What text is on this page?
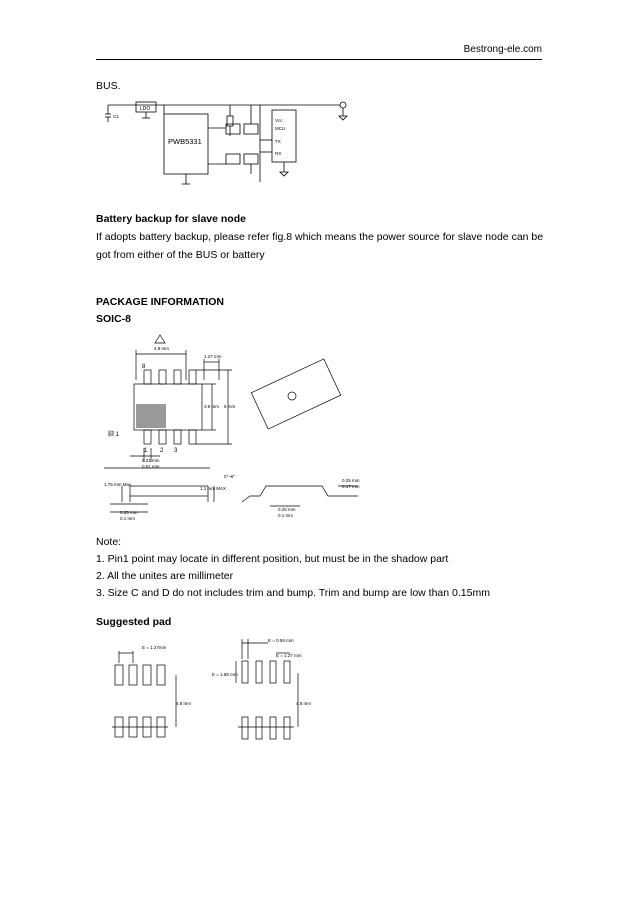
Bestrong-ele.com
BUS.
LDO
PWB5331
Vcc
MCU
TX
RX
C1
Battery backup for slave node
If adopts battery backup, please refer fig.8 which means the power source for slave node can be
got from either of the BUS or battery
PACKAGE INFORMATION
SOIC-8
4.9 mm
1.27 mm
3.9 mm 6 mm
0.31 mm
0.51 mm
1.75 mm Max
1.1 mm MAX
0.25 mm
0.1 mm
0°~8°
0.25 mm
0.17 mm
0.25 mm
0.1 mm
8
1 2 3
脚 1
Note:
1. Pin1 point may locate in different position, but must be in the shadow part
2. All the unites are millimeter
3. Size C and D do not includes trim and bump. Trim and bump are low than 0.15mm
Suggested pad
E = 1.27mm
4.8 mm
E = 0.55 mm
E = 1.27 mm
E = 1.85 mm
4.8 mm
